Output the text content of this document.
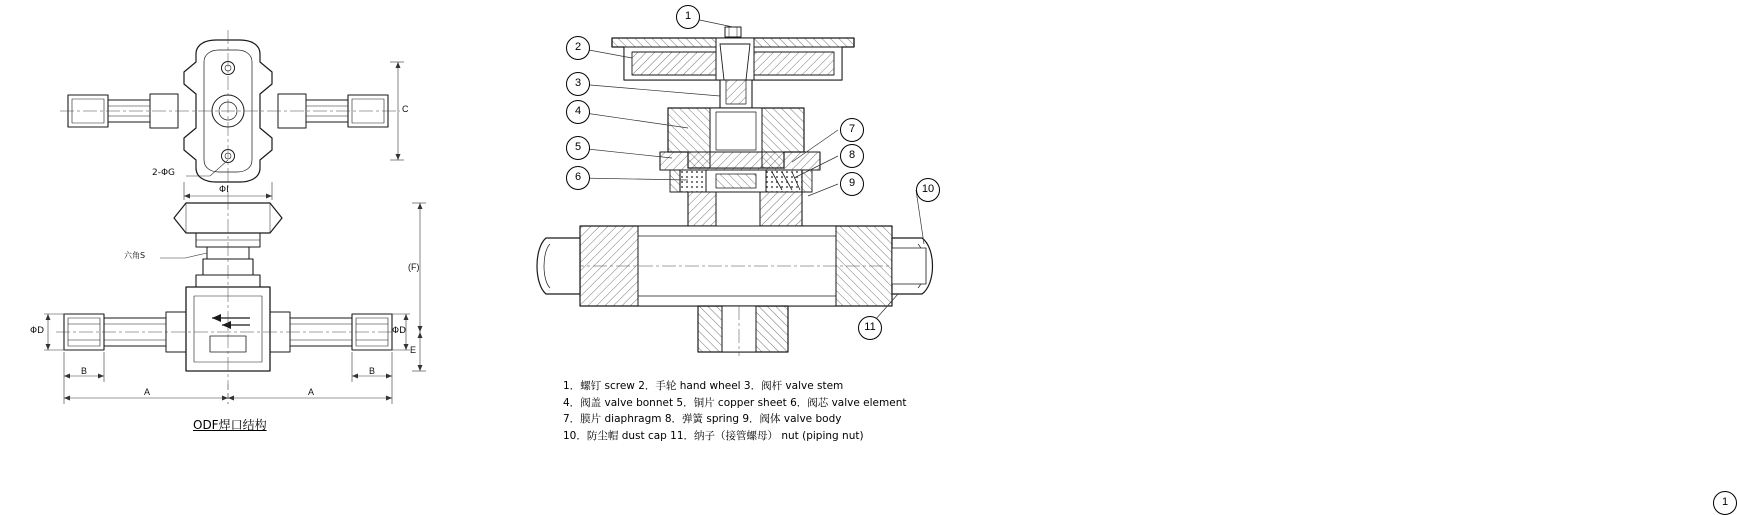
C
2-ΦG
ΦI
六角S
(F)
ΦD	ΦD
E
B	B
A	A
ODF焊口结构
1
1
2
3
4
5
6
7
8
9	10
11
1．螺钉 screw 2．手轮 hand wheel 3．阀杆 valve stem
4．阀盖 valve bonnet 5．铜片 copper sheet 6．阀芯 valve element
7．膜片 diaphragm 8．弹簧 spring 9．阀体 valve body
10．防尘帽 dust cap 11．纳子（接管螺母） nut (piping nut)
